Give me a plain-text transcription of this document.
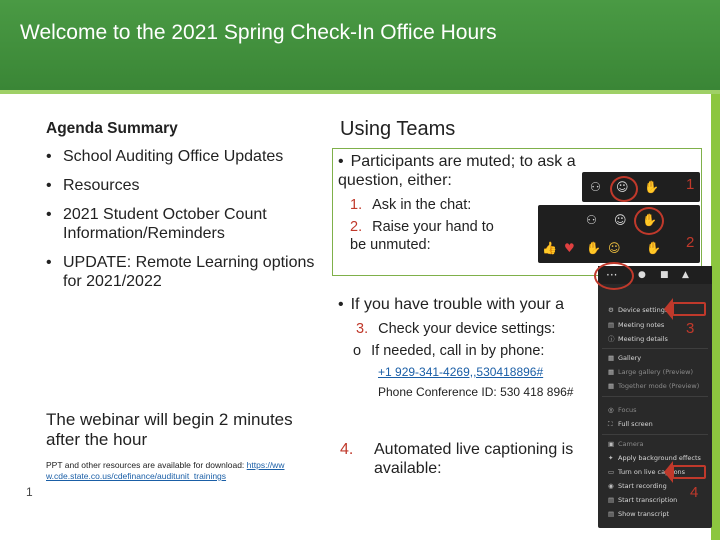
Welcome to the 2021 Spring Check-In Office Hours
Agenda Summary
• School Auditing Office Updates
• Resources
• 2021 Student October Count Information/Reminders
• UPDATE: Remote Learning options for 2021/2022
The webinar will begin 2 minutes after the hour
PPT and other resources are available for download: https://www.cde.state.co.us/cdefinance/auditunit_trainings
1
Using Teams
• Participants are muted; to ask a question, either:
1. Ask in the chat:
2. Raise your hand to be unmuted:
⚇ ☺ ✋ 1
⚇ ☺ ✋
👍 ♥ ✋ ☺ ✋ 2
• If you have trouble with your a
3. Check your device settings:
o If needed, call in by phone:
+1 929-341-4269,,530418896#
Phone Conference ID: 530 418 896#
4. Automated live captioning is available:
··· ● ■ ▲
⚙ Device settings
▤ Meeting notes
ⓘ Meeting details
▦ Gallery
▦ Large gallery (Preview)
▦ Together mode (Preview)
◎ Focus
⛶ Full screen
▣ Camera
✦ Apply background effects
▭ Turn on live captions
◉ Start recording
▤ Start transcription
▤ Show transcript
3
4
